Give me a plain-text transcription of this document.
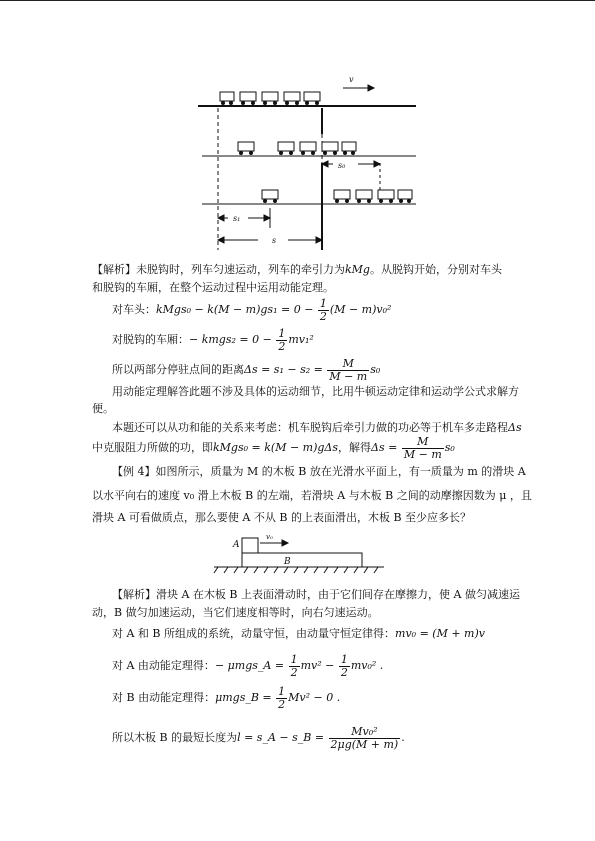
v
s₀
s₁
s
【解析】未脱钩时，列车匀速运动，列车的牵引力为kMg。从脱钩开始，分别对车头
和脱钩的车厢，在整个运动过程中运用动能定理。
对车头：kMgs₀ − $k(M - m)gs_1 = 0 - \frac{1}{2} (M - m)v_0^2$
对脱钩的车厢：− kmgs₂ = $0 - \frac{1}{2} mv_1^2$
所以两部分停驻点间的距离$\Delta s = s_1 - s_2 = \frac{M}{M - m} s_0$
用动能定理解答此题不涉及具体的运动细节，比用牛顿运动定律和运动学公式求解方
便。
本题还可以从功和能的关系来考虑：机车脱钩后牵引力做的功必等于机车多走路程Δs
中克服阻力所做的功，即kMgs₀ = k(M − m)gΔs，解得$\Delta s = \frac{M}{M - m} s_0$
【例 4】如图所示，质量为 M 的木板 B 放在光滑水平面上，有一质量为 m 的滑块 A
以水平向右的速度 v₀ 滑上木板 B 的左端，若滑块 A 与木板 B 之间的动摩擦因数为 μ ，且
滑块 A 可看做质点，那么要使 A 不从 B 的上表面滑出，木板 B 至少应多长？
A
B
v₀
【解析】滑块 A 在木板 B 上表面滑动时，由于它们间存在摩擦力，使 A 做匀减速运
动，B 做匀加速运动，当它们速度相等时，向右匀速运动。
对 A 和 B 所组成的系统，动量守恒，由动量守恒定律得：mv₀ = (M + m)v
对 A 由动能定理得：− μmgs_A = $\frac{1}{2} mv^2 - \frac{1}{2} mv_0^2$ .
对 B 由动能定理得：μmgs_B = $\frac{1}{2} Mv^2 - 0$ .
所以木板 B 的最短长度为l = s_A − s_B = $\frac{\text{Mv₀²}}{2\mu g(M + m)}$ .
